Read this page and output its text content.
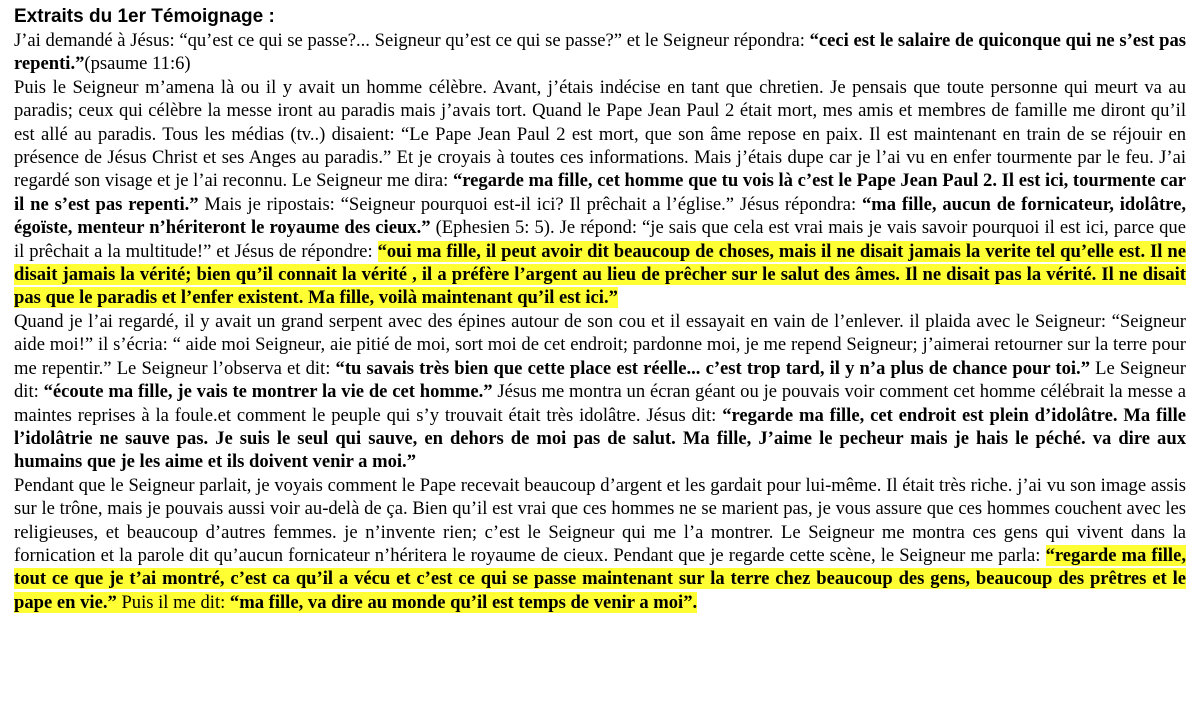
Extraits du 1er Témoignage :

J’ai demandé à Jésus: “qu’est ce qui se passe?... Seigneur qu’est ce qui se passe?” et le Seigneur répondra: “ceci est le salaire de quiconque qui ne s’est pas repenti.”(psaume 11:6)

Puis le Seigneur m’amena là ou il y avait un homme célèbre. Avant, j’étais indécise en tant que chretien. Je pensais que toute personne qui meurt va au paradis; ceux qui célèbre la messe iront au paradis mais j’avais tort. Quand le Pape Jean Paul 2 était mort, mes amis et membres de famille me diront qu’il est allé au paradis. Tous les médias (tv..) disaient: “Le Pape Jean Paul 2 est mort, que son âme repose en paix. Il est maintenant en train de se réjouir en présence de Jésus Christ et ses Anges au paradis.” Et je croyais à toutes ces informations. Mais j’étais dupe car je l’ai vu en enfer tourmente par le feu. J’ai regardé son visage et je l’ai reconnu. Le Seigneur me dira: “regarde ma fille, cet homme que tu vois là c’est le Pape Jean Paul 2. Il est ici, tourmente car il ne s’est pas repenti.” Mais je ripostais: “Seigneur pourquoi est-il ici? Il prêchait a l’église.” Jésus répondra: “ma fille, aucun de fornicateur, idolâtre, égoïste, menteur n’hériteront le royaume des cieux.” (Ephesien 5: 5). Je répond: “je sais que cela est vrai mais je vais savoir pourquoi il est ici, parce que il prêchait a la multitude!” et Jésus de répondre: “oui ma fille, il peut avoir dit beaucoup de choses, mais il ne disait jamais la verite tel qu’elle est. Il ne disait jamais la vérité; bien qu’il connait la vérité , il a préfère l’argent au lieu de prêcher sur le salut des âmes. Il ne disait pas la vérité. Il ne disait pas que le paradis et l’enfer existent. Ma fille, voilà maintenant qu’il est ici.”

Quand je l’ai regardé, il y avait un grand serpent avec des épines autour de son cou et il essayait en vain de l’enlever. il plaida avec le Seigneur: “Seigneur aide moi!” il s’écria: “ aide moi Seigneur, aie pitié de moi, sort moi de cet endroit; pardonne moi, je me repend Seigneur; j’aimerai retourner sur la terre pour me repentir.” Le Seigneur l’observa et dit: “tu savais très bien que cette place est réelle... c’est trop tard, il y n’a plus de chance pour toi.” Le Seigneur dit: “écoute ma fille, je vais te montrer la vie de cet homme.” Jésus me montra un écran géant ou je pouvais voir comment cet homme célébrait la messe a maintes reprises à la foule.et comment le peuple qui s’y trouvait était très idolâtre. Jésus dit: “regarde ma fille, cet endroit est plein d’idolâtre. Ma fille l’idolâtrie ne sauve pas. Je suis le seul qui sauve, en dehors de moi pas de salut. Ma fille, J’aime le pecheur mais je hais le péché. va dire aux humains que je les aime et ils doivent venir a moi.”

Pendant que le Seigneur parlait, je voyais comment le Pape recevait beaucoup d’argent et les gardait pour lui-même. Il était très riche. j’ai vu son image assis sur le trône, mais je pouvais aussi voir au-delà de ça. Bien qu’il est vrai que ces hommes ne se marient pas, je vous assure que ces hommes couchent avec les religieuses, et beaucoup d’autres femmes. je n’invente rien; c’est le Seigneur qui me l’a montrer. Le Seigneur me montra ces gens qui vivent dans la fornication et la parole dit qu’aucun fornicateur n’héritera le royaume de cieux. Pendant que je regarde cette scène, le Seigneur me parla: “regarde ma fille, tout ce que je t’ai montré, c’est ca qu’il a vécu et c’est ce qui se passe maintenant sur la terre chez beaucoup des gens, beaucoup des prêtres et le pape en vie.” Puis il me dit: “ma fille, va dire au monde qu’il est temps de venir a moi”.
